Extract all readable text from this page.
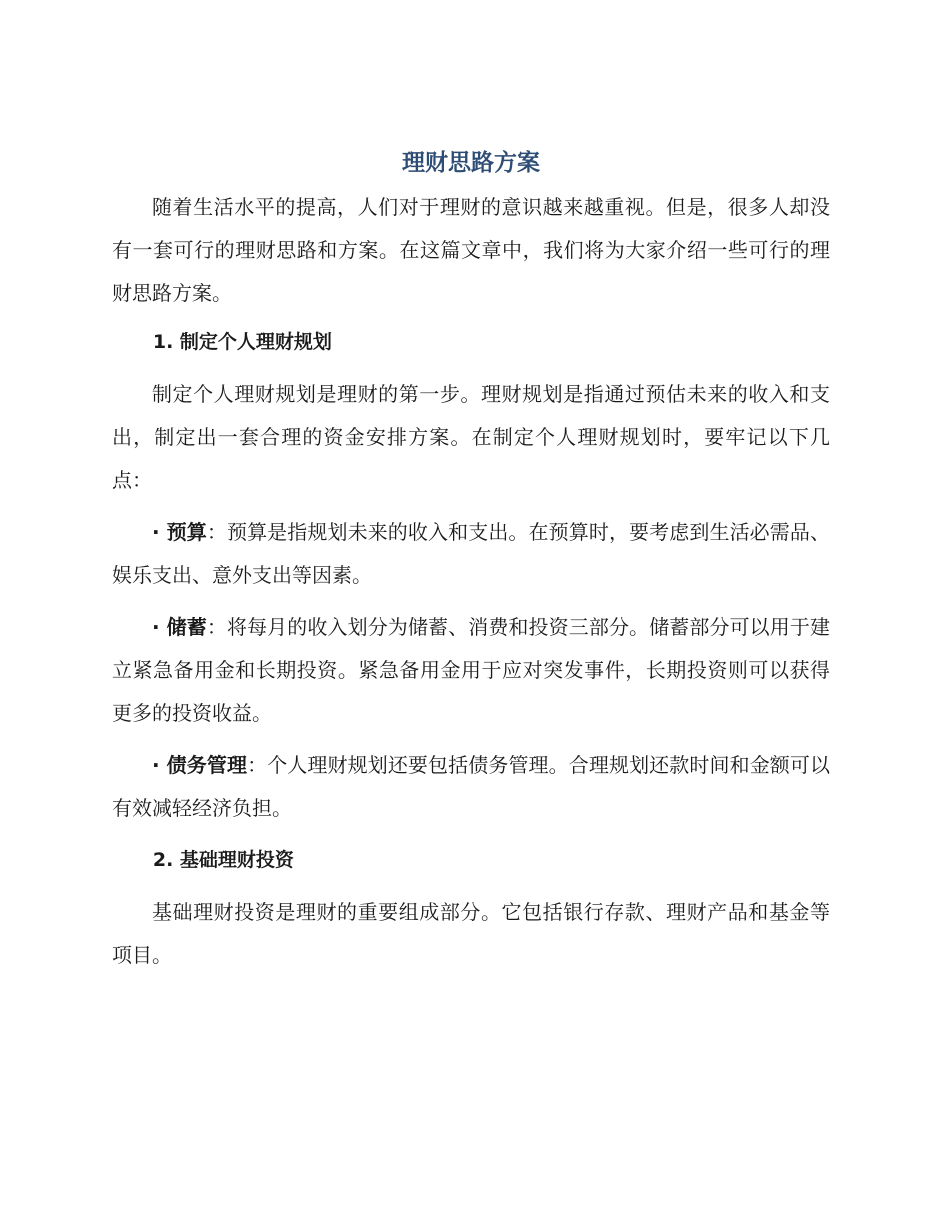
理财思路方案

随着生活水平的提高，人们对于理财的意识越来越重视。但是，很多人却没有一套可行的理财思路和方案。在这篇文章中，我们将为大家介绍一些可行的理财思路方案。

1. 制定个人理财规划

制定个人理财规划是理财的第一步。理财规划是指通过预估未来的收入和支出，制定出一套合理的资金安排方案。在制定个人理财规划时，要牢记以下几点：

· 预算：预算是指规划未来的收入和支出。在预算时，要考虑到生活必需品、娱乐支出、意外支出等因素。

· 储蓄：将每月的收入划分为储蓄、消费和投资三部分。储蓄部分可以用于建立紧急备用金和长期投资。紧急备用金用于应对突发事件，长期投资则可以获得更多的投资收益。

· 债务管理：个人理财规划还要包括债务管理。合理规划还款时间和金额可以有效减轻经济负担。

2. 基础理财投资

基础理财投资是理财的重要组成部分。它包括银行存款、理财产品和基金等项目。
